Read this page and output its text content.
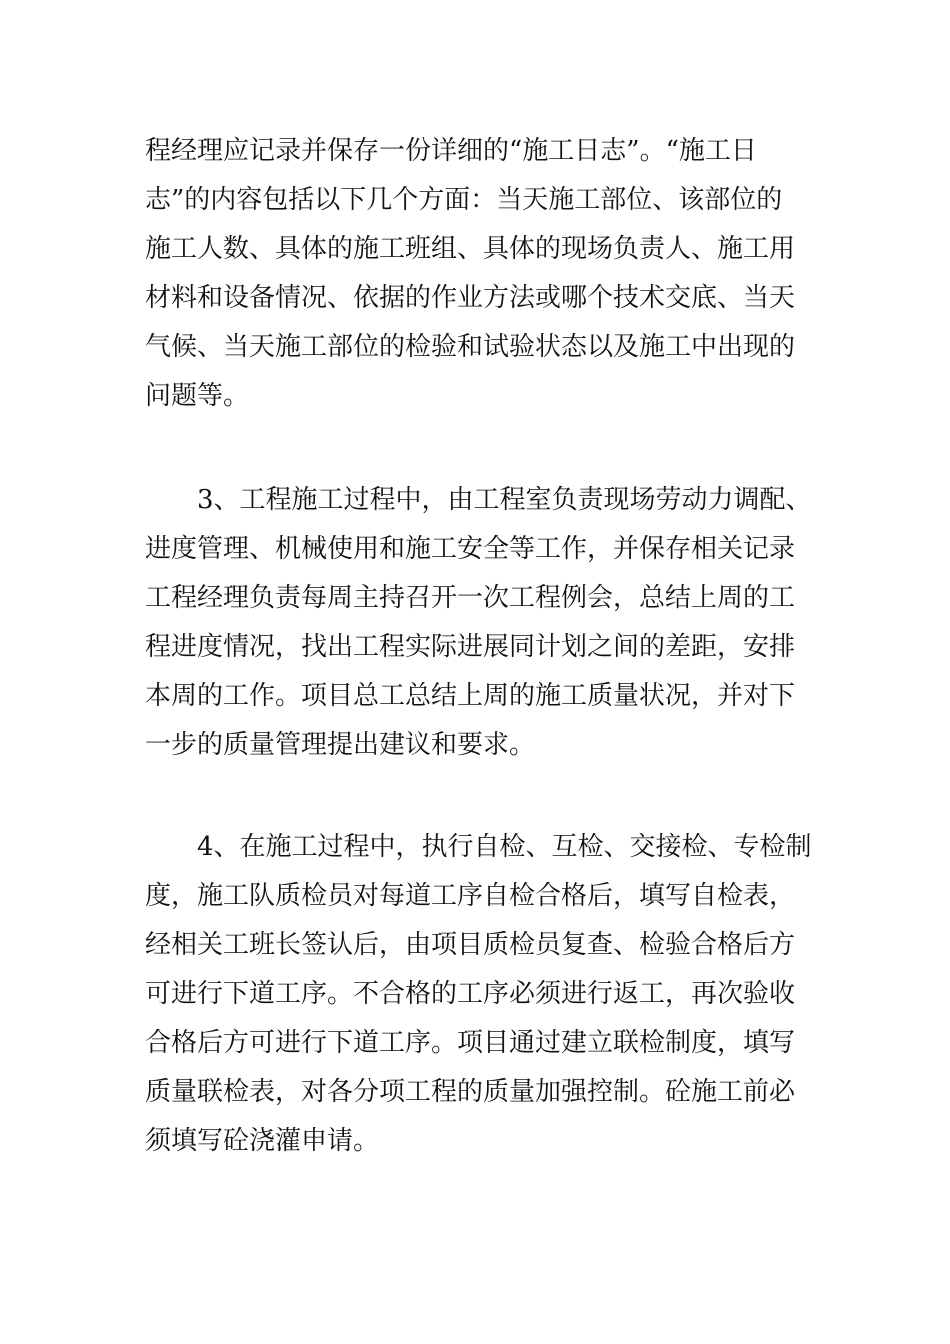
程经理应记录并保存一份详细的“施工日志”。“施工日
志”的内容包括以下几个方面：当天施工部位、该部位的
施工人数、具体的施工班组、具体的现场负责人、施工用
材料和设备情况、依据的作业方法或哪个技术交底、当天
气候、当天施工部位的检验和试验状态以及施工中出现的
问题等。
3、工程施工过程中，由工程室负责现场劳动力调配、
进度管理、机械使用和施工安全等工作，并保存相关记录
工程经理负责每周主持召开一次工程例会，总结上周的工
程进度情况，找出工程实际进展同计划之间的差距，安排
本周的工作。项目总工总结上周的施工质量状况，并对下
一步的质量管理提出建议和要求。
4、在施工过程中，执行自检、互检、交接检、专检制
度，施工队质检员对每道工序自检合格后，填写自检表，
经相关工班长签认后，由项目质检员复查、检验合格后方
可进行下道工序。不合格的工序必须进行返工，再次验收
合格后方可进行下道工序。项目通过建立联检制度，填写
质量联检表，对各分项工程的质量加强控制。砼施工前必
须填写砼浇灌申请。
